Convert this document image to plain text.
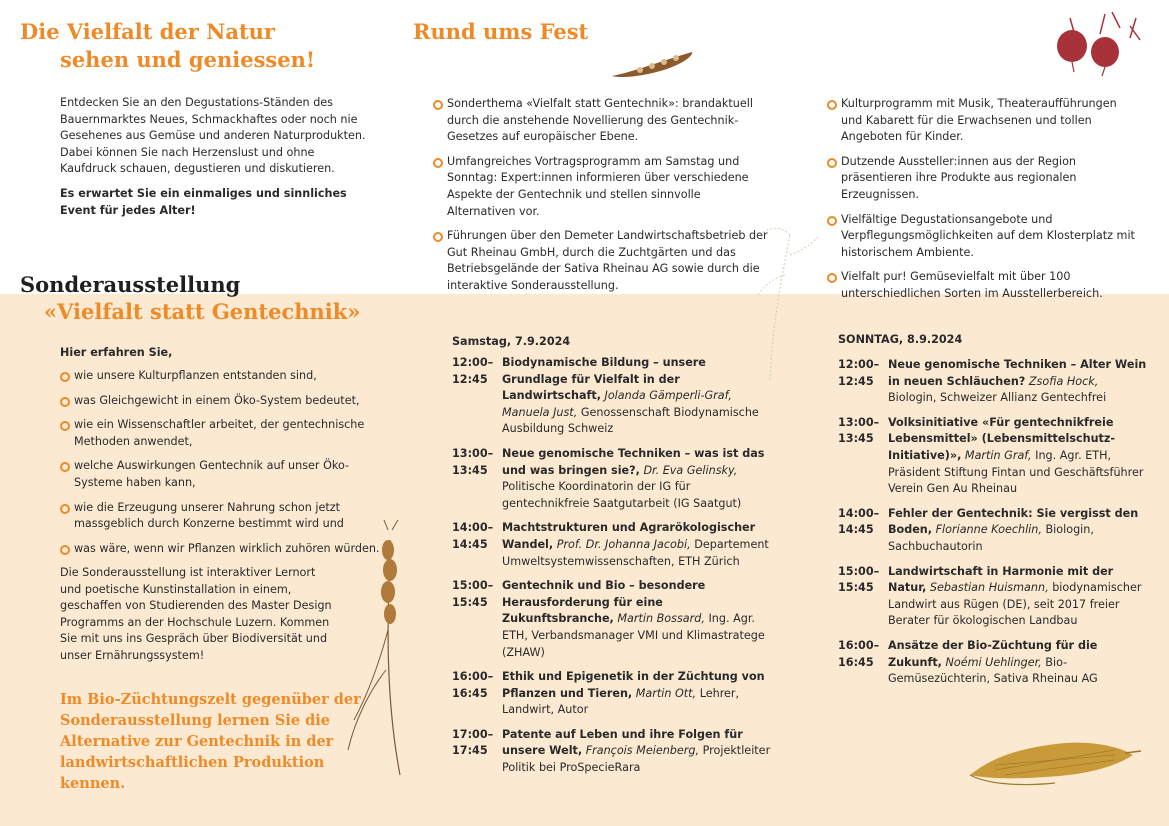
Die Vielfalt der Natur
sehen und geniessen!
Entdecken Sie an den Degustations-Ständen des Bauernmarktes Neues, Schmackhaftes oder noch nie Gesehenes aus Gemüse und anderen Naturprodukten. Dabei können Sie nach Herzenslust und ohne Kaufdruck schauen, degustieren und diskutieren.
Es erwartet Sie ein einmaliges und sinnliches Event für jedes Alter!
Rund ums Fest
Sonderthema «Vielfalt statt Gentechnik»: brandaktuell durch die anstehende Novellierung des Gentechnik-Gesetzes auf europäischer Ebene.
Umfangreiches Vortragsprogramm am Samstag und Sonntag: Expert:innen informieren über verschiedene Aspekte der Gentechnik und stellen sinnvolle Alternativen vor.
Führungen über den Demeter Landwirtschaftsbetrieb der Gut Rheinau GmbH, durch die Zuchtgärten und das Betriebsgelände der Sativa Rheinau AG sowie durch die interaktive Sonderausstellung.
Kulturprogramm mit Musik, Theateraufführungen und Kabarett für die Erwachsenen und tollen Angeboten für Kinder.
Dutzende Aussteller:innen aus der Region präsentieren ihre Produkte aus regionalen Erzeugnissen.
Vielfältige Degustationsangebote und Verpflegungsmöglichkeiten auf dem Klosterplatz mit historischem Ambiente.
Vielfalt pur! Gemüsevielfalt mit über 100 unterschiedlichen Sorten im Ausstellerbereich.
Sonderausstellung
«Vielfalt statt Gentechnik»
Hier erfahren Sie,
wie unsere Kulturpflanzen entstanden sind,
was Gleichgewicht in einem Öko-System bedeutet,
wie ein Wissenschaftler arbeitet, der gentechnische Methoden anwendet,
welche Auswirkungen Gentechnik auf unser Öko-Systeme haben kann,
wie die Erzeugung unserer Nahrung schon jetzt massgeblich durch Konzerne bestimmt wird und
was wäre, wenn wir Pflanzen wirklich zuhören würden.
Die Sonderausstellung ist interaktiver Lernort und poetische Kunstinstallation in einem, geschaffen von Studierenden des Master Design Programms an der Hochschule Luzern. Kommen Sie mit uns ins Gespräch über Biodiversität und unser Ernährungssystem!
Im Bio-Züchtungszelt gegenüber der Sonderausstellung lernen Sie die Alternative zur Gentechnik in der landwirtschaftlichen Produktion kennen.
Samstag, 7.9.2024
12:00–
12:45
Biodynamische Bildung – unsere Grundlage für Vielfalt in der Landwirtschaft, Jolanda Gämperli-Graf, Manuela Just, Genossenschaft Biodynamische Ausbildung Schweiz
13:00–
13:45
Neue genomische Techniken – was ist das und was bringen sie?, Dr. Eva Gelinsky, Politische Koordinatorin der IG für gentechnikfreie Saatgutarbeit (IG Saatgut)
14:00–
14:45
Machtstrukturen und Agrarökologischer Wandel, Prof. Dr. Johanna Jacobi, Departement Umweltsystemwissenschaften, ETH Zürich
15:00–
15:45
Gentechnik und Bio – besondere Herausforderung für eine Zukunftsbranche, Martin Bossard, Ing. Agr. ETH, Verbandsmanager VMI und Klimastratege (ZHAW)
16:00–
16:45
Ethik und Epigenetik in der Züchtung von Pflanzen und Tieren, Martin Ott, Lehrer, Landwirt, Autor
17:00–
17:45
Patente auf Leben und ihre Folgen für unsere Welt, François Meienberg, Projektleiter Politik bei ProSpecieRara
SONNTAG, 8.9.2024
12:00–
12:45
Neue genomische Techniken – Alter Wein in neuen Schläuchen? Zsofia Hock, Biologin, Schweizer Allianz Gentechfrei
13:00–
13:45
Volksinitiative «Für gentechnikfreie Lebensmittel» (Lebensmittelschutz-Initiative)», Martin Graf, Ing. Agr. ETH, Präsident Stiftung Fintan und Geschäftsführer Verein Gen Au Rheinau
14:00–
14:45
Fehler der Gentechnik: Sie vergisst den Boden, Florianne Koechlin, Biologin, Sachbuchautorin
15:00–
15:45
Landwirtschaft in Harmonie mit der Natur, Sebastian Huismann, biodynamischer Landwirt aus Rügen (DE), seit 2017 freier Berater für ökologischen Landbau
16:00–
16:45
Ansätze der Bio-Züchtung für die Zukunft, Noémi Uehlinger, Bio-Gemüsezüchterin, Sativa Rheinau AG
